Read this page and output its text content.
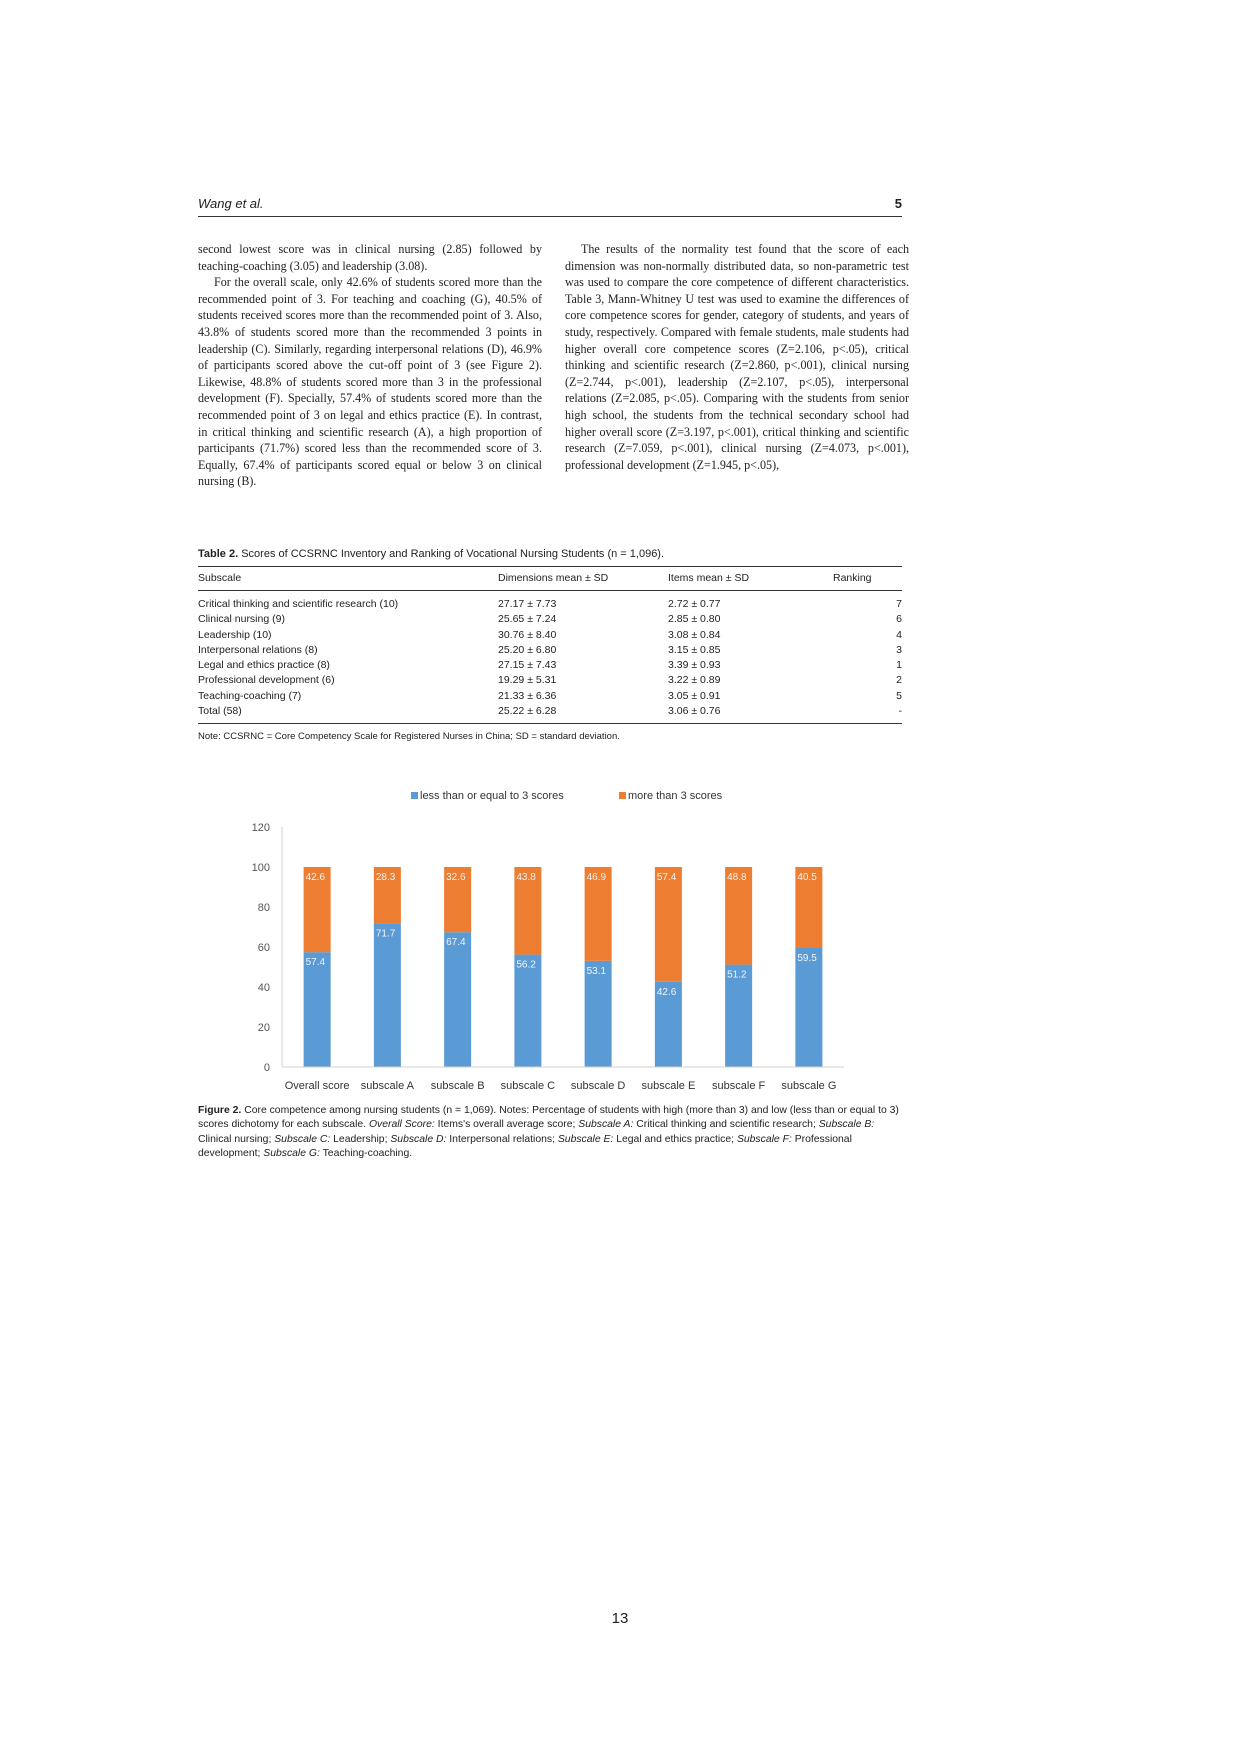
Wang et al.	5

second lowest score was in clinical nursing (2.85) followed by teaching-coaching (3.05) and leadership (3.08).

For the overall scale, only 42.6% of students scored more than the recommended point of 3. For teaching and coaching (G), 40.5% of students received scores more than the recommended point of 3. Also, 43.8% of students scored more than the recommended 3 points in leadership (C). Similarly, regarding interpersonal relations (D), 46.9% of participants scored above the cut-off point of 3 (see Figure 2). Likewise, 48.8% of students scored more than 3 in the professional development (F). Specially, 57.4% of students scored more than the recommended point of 3 on legal and ethics practice (E). In contrast, in critical thinking and scientific research (A), a high proportion of participants (71.7%) scored less than the recommended score of 3. Equally, 67.4% of participants scored equal or below 3 on clinical nursing (B).

The results of the normality test found that the score of each dimension was non-normally distributed data, so non-parametric test was used to compare the core competence of different characteristics. Table 3, Mann-Whitney U test was used to examine the differences of core competence scores for gender, category of students, and years of study, respectively. Compared with female students, male students had higher overall core competence scores (Z=2.106, p<.05), critical thinking and scientific research (Z=2.860, p<.001), clinical nursing (Z=2.744, p<.001), leadership (Z=2.107, p<.05), interpersonal relations (Z=2.085, p<.05). Comparing with the students from senior high school, the students from the technical secondary school had higher overall score (Z=3.197, p<.001), critical thinking and scientific research (Z=7.059, p<.001), clinical nursing (Z=4.073, p<.001), professional development (Z=1.945, p<.05),

Table 2. Scores of CCSRNC Inventory and Ranking of Vocational Nursing Students (n = 1,096).
Subscale	Dimensions mean ± SD	Items mean ± SD	Ranking
Critical thinking and scientific research (10)	27.17 ± 7.73	2.72 ± 0.77	7
Clinical nursing (9)	25.65 ± 7.24	2.85 ± 0.80	6
Leadership (10)	30.76 ± 8.40	3.08 ± 0.84	4
Interpersonal relations (8)	25.20 ± 6.80	3.15 ± 0.85	3
Legal and ethics practice (8)	27.15 ± 7.43	3.39 ± 0.93	1
Professional development (6)	19.29 ± 5.31	3.22 ± 0.89	2
Teaching-coaching (7)	21.33 ± 6.36	3.05 ± 0.91	5
Total (58)	25.22 ± 6.28	3.06 ± 0.76	-
Note: CCSRNC = Core Competency Scale for Registered Nurses in China; SD = standard deviation.
less than or equal to 3 scores	more than 3 scores
0
20
40
60
80
100
120
57.4
42.6
71.7
28.3
67.4
32.6
56.2
43.8
53.1
46.9
42.6
57.4
51.2
48.8
59.5
40.5
Overall score subscale A subscale B subscale C subscale D subscale E subscale F subscale G
Figure 2. Core competence among nursing students (n = 1,069). Notes: Percentage of students with high (more than 3) and low (less than or equal to 3) scores dichotomy for each subscale. Overall Score: Items's overall average score; Subscale A: Critical thinking and scientific research; Subscale B: Clinical nursing; Subscale C: Leadership; Subscale D: Interpersonal relations; Subscale E: Legal and ethics practice; Subscale F: Professional development; Subscale G: Teaching-coaching.
13
